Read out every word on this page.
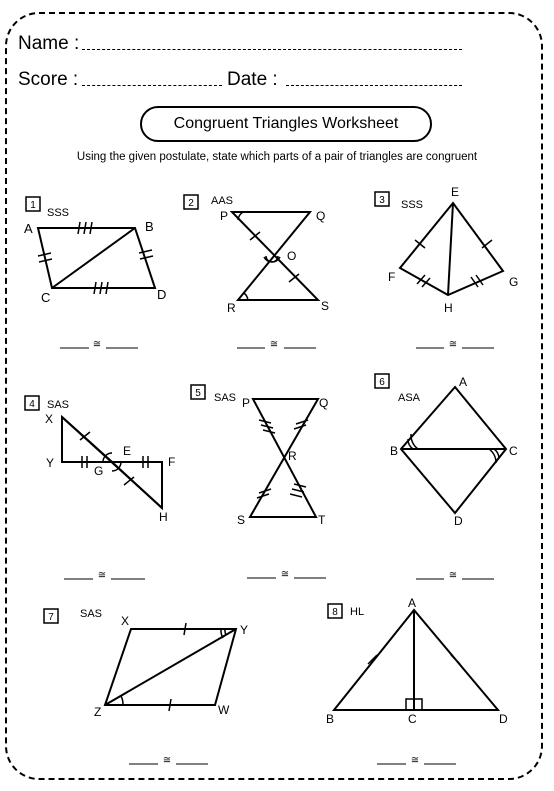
Name :
Score :	Date :
Congruent Triangles Worksheet
Using the given postulate, state which parts of a pair of triangles are congruent
1
SSS
A	B
C	D
≅
2 AAS
P	Q
O
R	S
≅
3 SSS
E
F	G
H
≅
4 SAS
X
Y
E
G
F
H
≅
5 SAS P	Q
R
S	T
≅
6
ASA
A
B	C
D
≅
7 SAS X
Y
Z	W
≅
8 HL
A
B	C	D
≅
